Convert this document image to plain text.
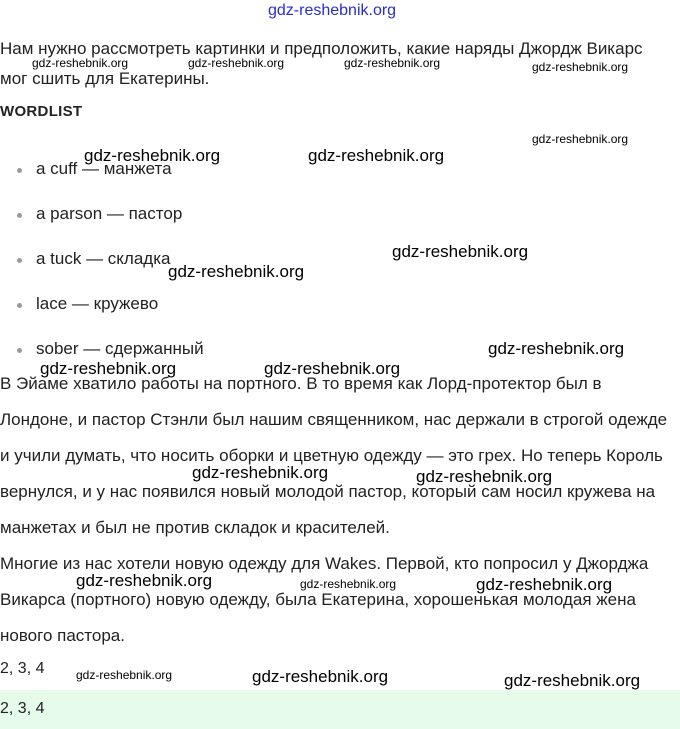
gdz-reshebnik.org
Нам нужно рассмотреть картинки и предположить, какие наряды Джордж Викарс мог сшить для Екатерины.
WORDLIST
a cuff — манжета
a parson — пастор
a tuck — складка
lace — кружево
sober — сдержанный
В Эйаме хватило работы на портного. В то время как Лорд-протектор был в Лондоне, и пастор Стэнли был нашим священником, нас держали в строгой одежде и учили думать, что носить оборки и цветную одежду — это грех. Но теперь Король вернулся, и у нас появился новый молодой пастор, который сам носил кружева на манжетах и был не против складок и красителей.
Многие из нас хотели новую одежду для Wakes. Первой, кто попросил у Джорджа Викарса (портного) новую одежду, была Екатерина, хорошенькая молодая жена нового пастора.
2, 3, 4
2, 3, 4
gdz-reshebnik.org	gdz-reshebnik.org	gdz-reshebnik.org	gdz-reshebnik.org
gdz-reshebnik.org
gdz-reshebnik.org	gdz-reshebnik.org
gdz-reshebnik.org
gdz-reshebnik.org
gdz-reshebnik.org
gdz-reshebnik.org	gdz-reshebnik.org
gdz-reshebnik.org	gdz-reshebnik.org
gdz-reshebnik.org	gdz-reshebnik.org	gdz-reshebnik.org
gdz-reshebnik.org	gdz-reshebnik.org	gdz-reshebnik.org
